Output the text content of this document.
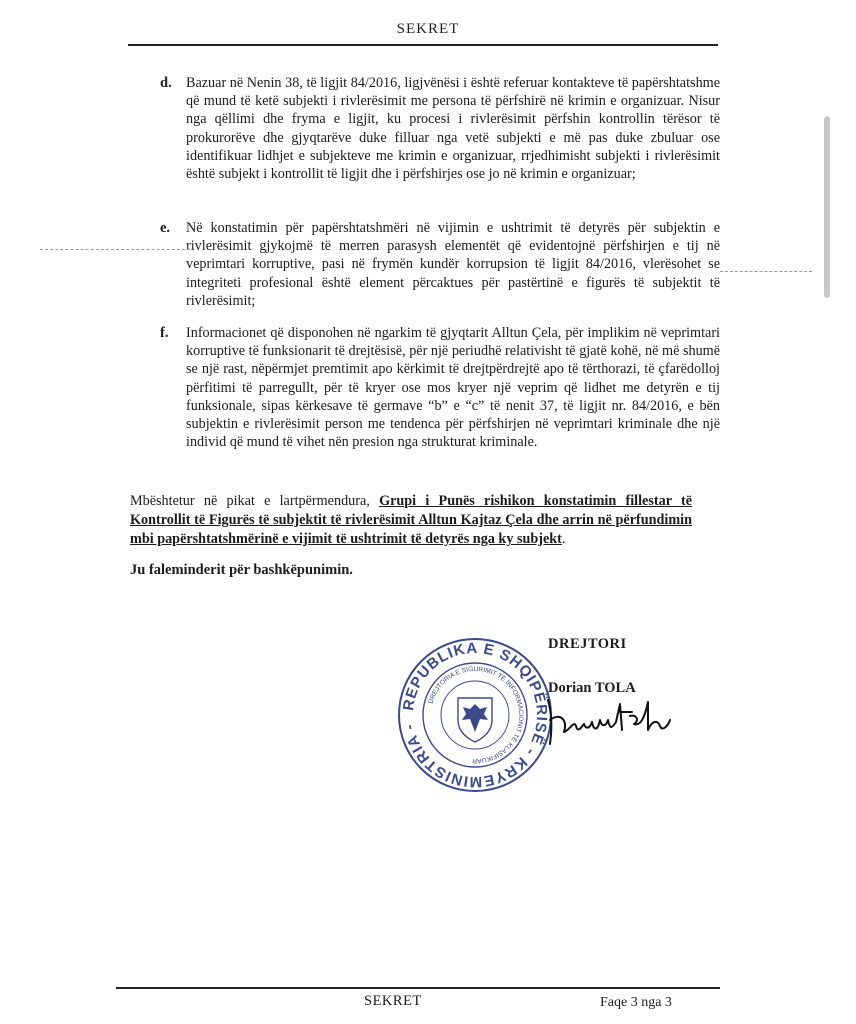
SEKRET
d. Bazuar në Nenin 38, të ligjit 84/2016, ligjvënësi i është referuar kontakteve të papërshtatshme që mund të ketë subjekti i rivlerësimit me persona të përfshirë në krimin e organizuar. Nisur nga qëllimi dhe fryma e ligjit, ku procesi i rivlerësimit përfshin kontrollin tërësor të prokurorëve dhe gjyqtarëve duke filluar nga vetë subjekti e më pas duke zbuluar ose identifikuar lidhjet e subjekteve me krimin e organizuar, rrjedhimisht subjekti i rivlerësimit është subjekt i kontrollit të ligjit dhe i përfshirjes ose jo në krimin e organizuar;
e. Në konstatimin për papërshtatshmëri në vijimin e ushtrimit të detyrës për subjektin e rivlerësimit gjykojmë të merren parasysh elementët që evidentojnë përfshirjen e tij në veprimtari korruptive, pasi në frymën kundër korrupsion të ligjit 84/2016, vlerësohet se integriteti profesional është element përcaktues për pastërtinë e figurës të subjektit të rivlerësimit;
f. Informacionet që disponohen në ngarkim të gjyqtarit Alltun Çela, për implikim në veprimtari korruptive të funksionarit të drejtësisë, për një periudhë relativisht të gjatë kohë, në më shumë se një rast, nëpërmjet premtimit apo kërkimit të drejtpërdrejtë apo të tërthorazi, të çfarëdolloj përfitimi të parregullt, për të kryer ose mos kryer një veprim që lidhet me detyrën e tij funksionale, sipas kërkesave të germave “b” e “c” të nenit 37, të ligjit nr. 84/2016, e bën subjektin e rivlerësimit person me tendenca për përfshirjen në veprimtari kriminale dhe një individ që mund të vihet nën presion nga strukturat kriminale.
Mbështetur në pikat e lartpërmendura, Grupi i Punës rishikon konstatimin fillestar të Kontrollit të Figurës të subjektit të rivlerësimit Alltun Kajtaz Çela dhe arrin në përfundimin mbi papërshtatshmërinë e vijimit të ushtrimit të detyrës nga ky subjekt.
Ju faleminderit për bashkëpunimin.
REPUBLIKA E SHQIPËRISË - KRYEMINISTRIA -
DREJTORIA E SIGURIMIT TË INFORMACIONIT TË KLASIFIKUAR
DREJTORI
Dorian TOLA
SEKRET	Faqe 3 nga 3
